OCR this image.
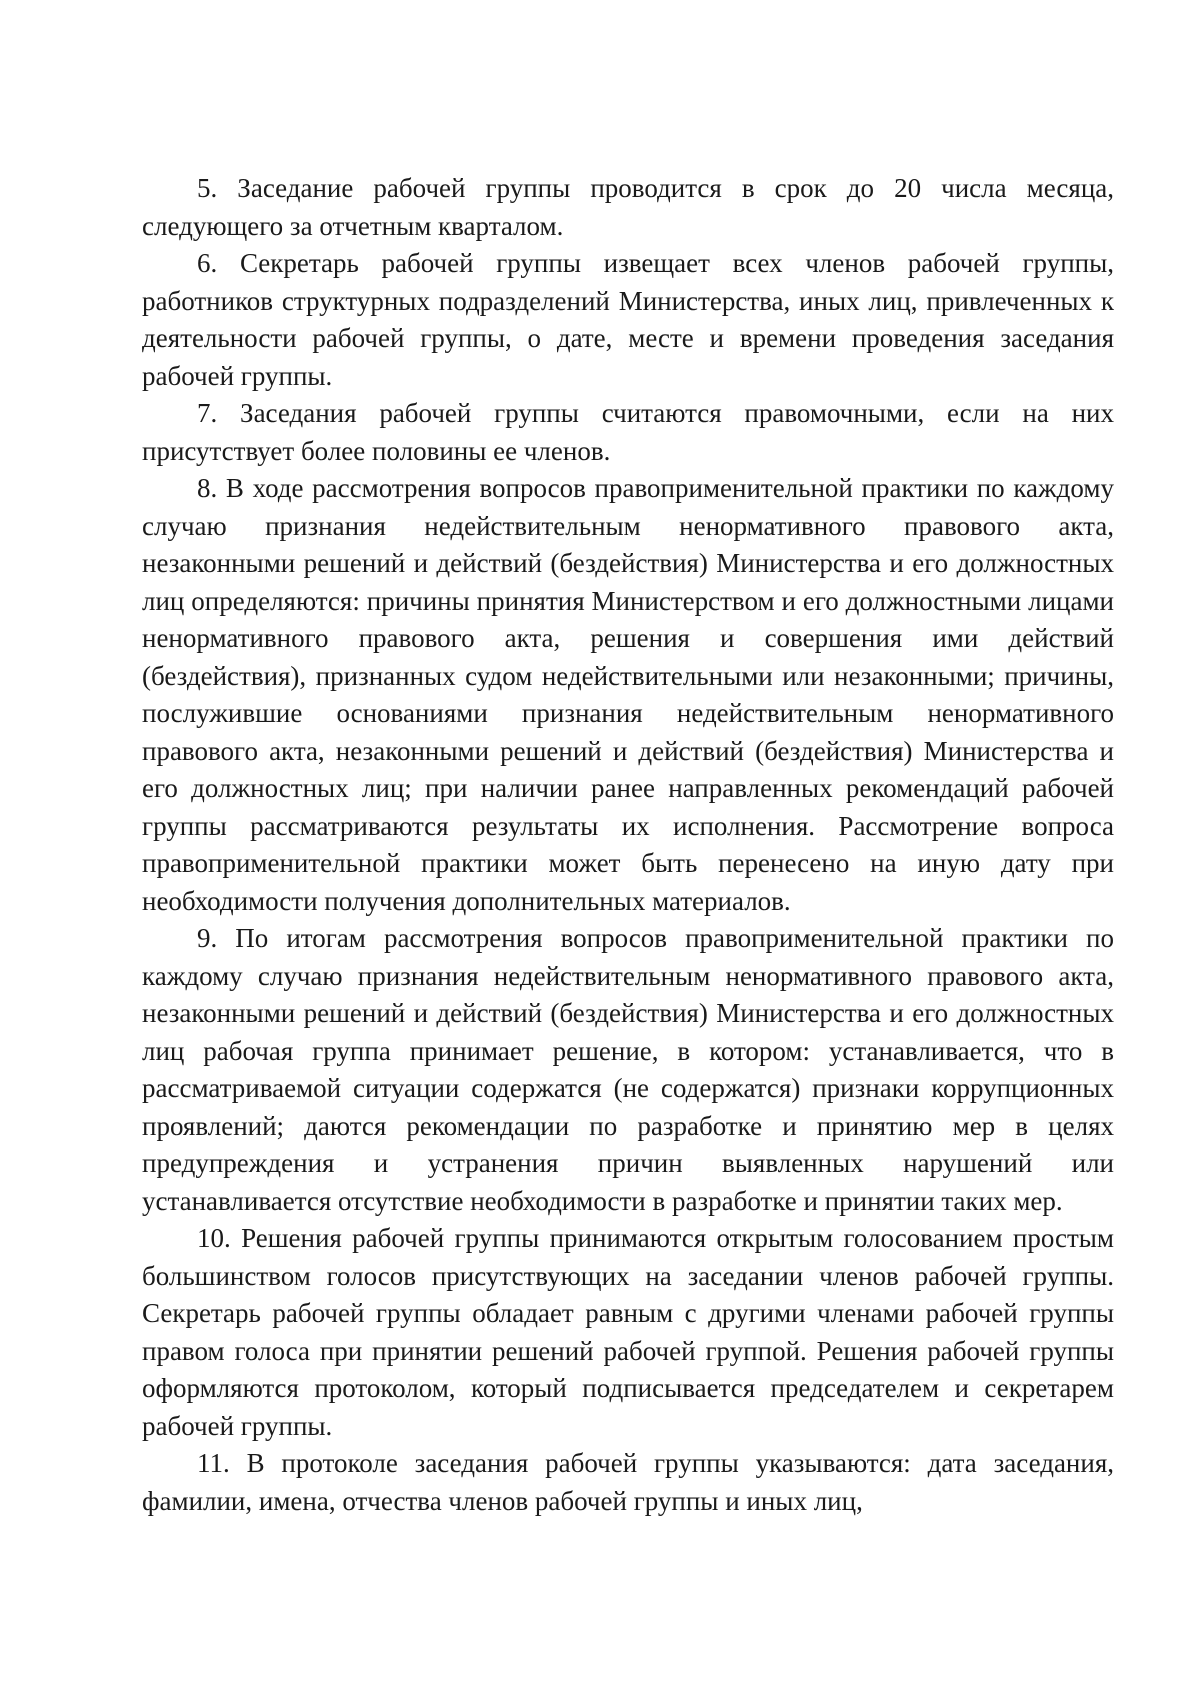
5. Заседание рабочей группы проводится в срок до 20 числа месяца, следующего за отчетным кварталом.

6. Секретарь рабочей группы извещает всех членов рабочей группы, работников структурных подразделений Министерства, иных лиц, привлеченных к деятельности рабочей группы, о дате, месте и времени проведения заседания рабочей группы.

7. Заседания рабочей группы считаются правомочными, если на них присутствует более половины ее членов.

8. В ходе рассмотрения вопросов правоприменительной практики по каждому случаю признания недействительным ненормативного правового акта, незаконными решений и действий (бездействия) Министерства и его должностных лиц определяются: причины принятия Министерством и его должностными лицами ненормативного правового акта, решения и совершения ими действий (бездействия), признанных судом недействительными или незаконными; причины, послужившие основаниями признания недействительным ненормативного правового акта, незаконными решений и действий (бездействия) Министерства и его должностных лиц; при наличии ранее направленных рекомендаций рабочей группы рассматриваются результаты их исполнения. Рассмотрение вопроса правоприменительной практики может быть перенесено на иную дату при необходимости получения дополнительных материалов.

9. По итогам рассмотрения вопросов правоприменительной практики по каждому случаю признания недействительным ненормативного правового акта, незаконными решений и действий (бездействия) Министерства и его должностных лиц рабочая группа принимает решение, в котором: устанавливается, что в рассматриваемой ситуации содержатся (не содержатся) признаки коррупционных проявлений; даются рекомендации по разработке и принятию мер в целях предупреждения и устранения причин выявленных нарушений или устанавливается отсутствие необходимости в разработке и принятии таких мер.

10. Решения рабочей группы принимаются открытым голосованием простым большинством голосов присутствующих на заседании членов рабочей группы. Секретарь рабочей группы обладает равным с другими членами рабочей группы правом голоса при принятии решений рабочей группой. Решения рабочей группы оформляются протоколом, который подписывается председателем и секретарем рабочей группы.

11. В протоколе заседания рабочей группы указываются: дата заседания, фамилии, имена, отчества членов рабочей группы и иных лиц,
